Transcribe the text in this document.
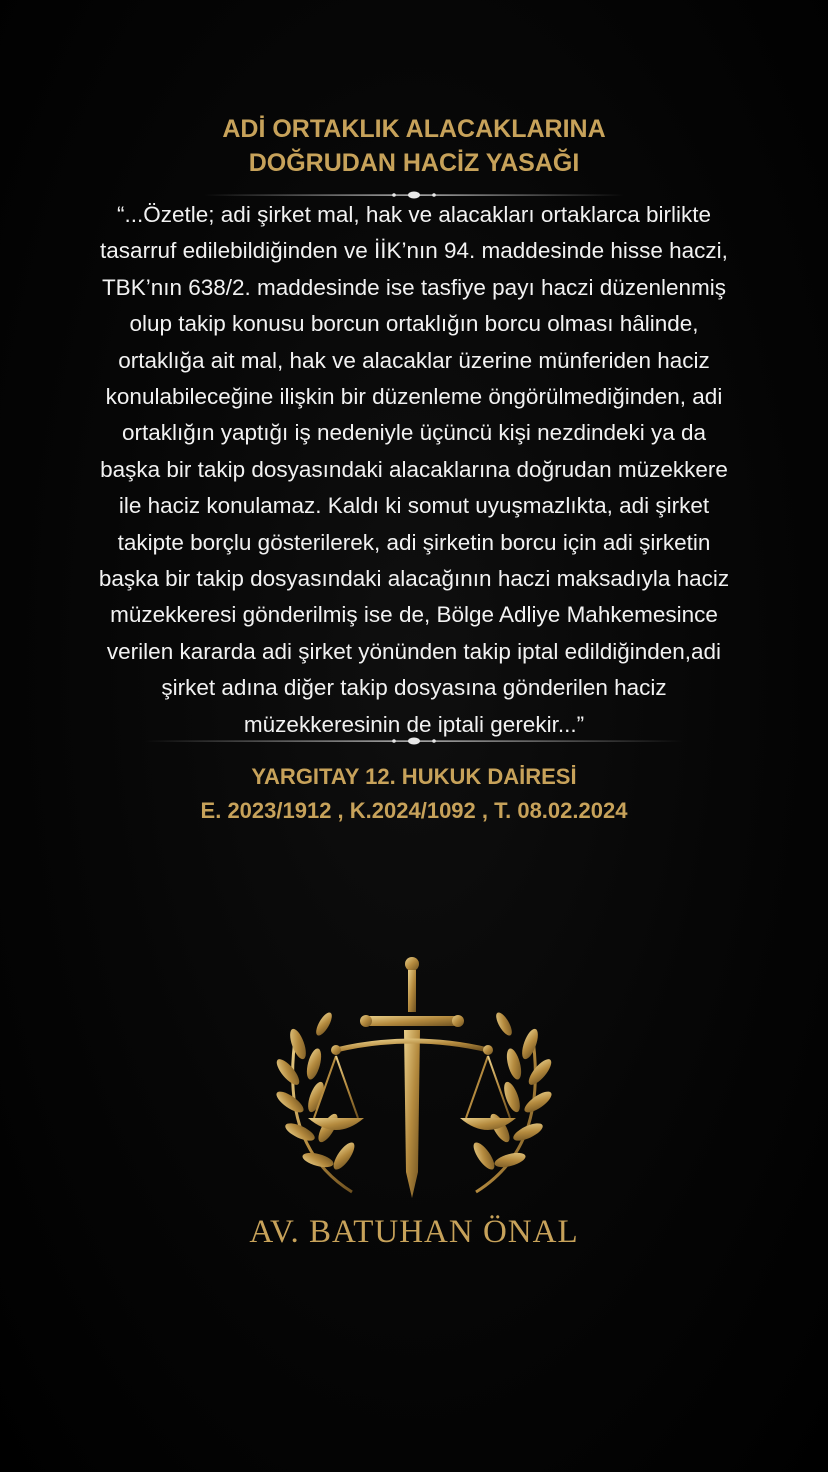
ADİ ORTAKLIK ALACAKLARINA
DOĞRUDAN HACİZ YASAĞI
“...Özetle; adi şirket mal, hak ve alacakları ortaklarca birlikte
tasarruf edilebildiğinden ve İİK’nın 94. maddesinde hisse haczi,
TBK’nın 638/2. maddesinde ise tasfiye payı haczi düzenlenmiş
olup takip konusu borcun ortaklığın borcu olması hâlinde,
ortaklığa ait mal, hak ve alacaklar üzerine münferiden haciz
konulabileceğine ilişkin bir düzenleme öngörülmediğinden, adi
ortaklığın yaptığı iş nedeniyle üçüncü kişi nezdindeki ya da
başka bir takip dosyasındaki alacaklarına doğrudan müzekkere
ile haciz konulamaz. Kaldı ki somut uyuşmazlıkta, adi şirket
takipte borçlu gösterilerek, adi şirketin borcu için adi şirketin
başka bir takip dosyasındaki alacağının haczi maksadıyla haciz
müzekkeresi gönderilmiş ise de, Bölge Adliye Mahkemesince
verilen kararda adi şirket yönünden takip iptal edildiğinden,adi
şirket adına diğer takip dosyasına gönderilen haciz
müzekkeresinin de iptali gerekir...”
YARGITAY 12. HUKUK DAİRESİ
E. 2023/1912 , K.2024/1092 , T. 08.02.2024
AV. BATUHAN ÖNAL
